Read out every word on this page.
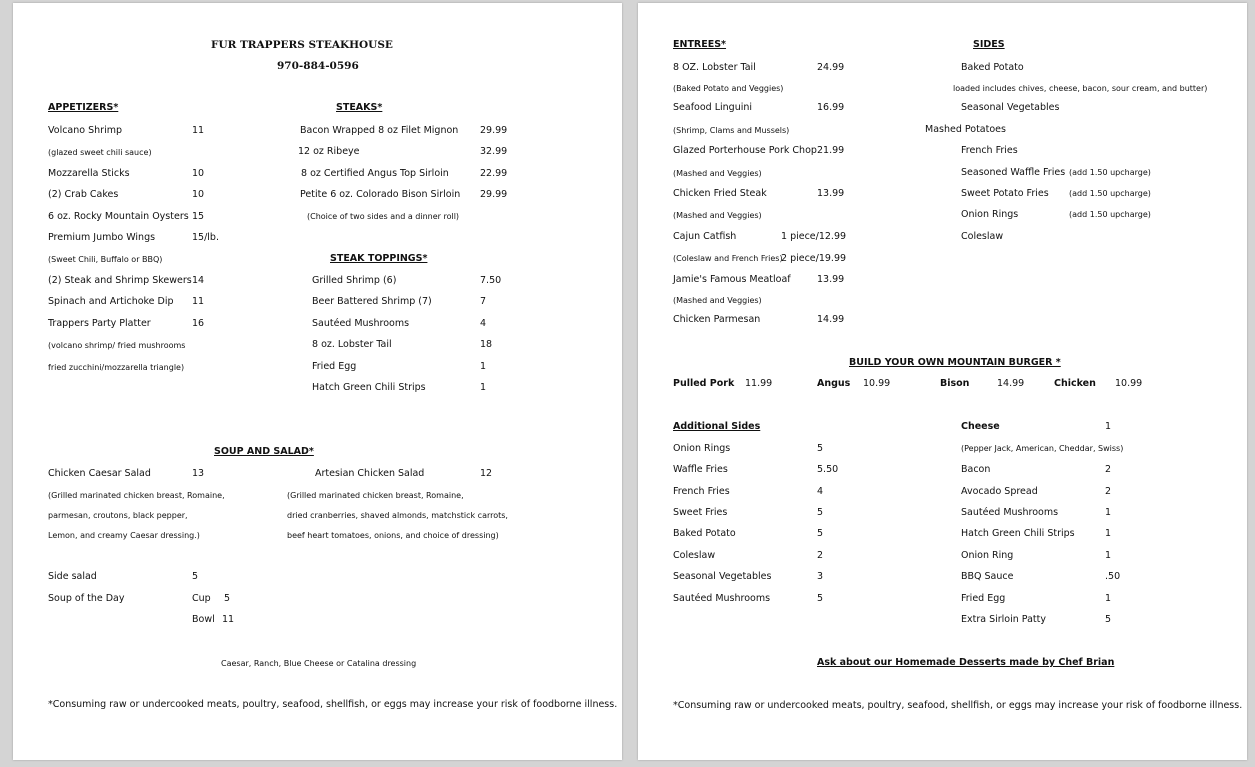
FUR TRAPPERS STEAKHOUSE
970-884-0596
APPETIZERS*
Volcano Shrimp	11
(glazed sweet chili sauce)
Mozzarella Sticks	10
(2) Crab Cakes	10
6 oz. Rocky Mountain Oysters 15
Premium Jumbo Wings	15/lb.
(Sweet Chili, Buffalo or BBQ)
(2) Steak and Shrimp Skewers 14
Spinach and Artichoke Dip 11
Trappers Party Platter	16
(volcano shrimp/ fried mushrooms
fried zucchini/mozzarella triangle)
STEAKS*
Bacon Wrapped 8 oz Filet Mignon 29.99
12 oz Ribeye	32.99
8 oz Certified Angus Top Sirloin	22.99
Petite 6 oz. Colorado Bison Sirloin 29.99
(Choice of two sides and a dinner roll)
STEAK TOPPINGS*
Grilled Shrimp (6)	7.50
Beer Battered Shrimp (7)	7
Sautéed Mushrooms	4
8 oz. Lobster Tail	18
Fried Egg	1
Hatch Green Chili Strips	1
SOUP AND SALAD*
Chicken Caesar Salad	13
(Grilled marinated chicken breast, Romaine,
parmesan, croutons, black pepper,
Lemon, and creamy Caesar dressing.)
Artesian Chicken Salad	12
(Grilled marinated chicken breast, Romaine,
dried cranberries, shaved almonds, matchstick carrots,
beef heart tomatoes, onions, and choice of dressing)
Side salad	5
Soup of the Day	Cup 5
Bowl 11
Caesar, Ranch, Blue Cheese or Catalina dressing
*Consuming raw or undercooked meats, poultry, seafood, shellfish, or eggs may increase your risk of foodborne illness.
ENTREES*
8 OZ. Lobster Tail	24.99
(Baked Potato and Veggies)
Seafood Linguini	16.99
(Shrimp, Clams and Mussels)
Glazed Porterhouse Pork Chop 21.99
(Mashed and Veggies)
Chicken Fried Steak	13.99
(Mashed and Veggies)
Cajun Catfish	1 piece/12.99
(Coleslaw and French Fries)
2 piece/19.99
Jamie's Famous Meatloaf	13.99
(Mashed and Veggies)
Chicken Parmesan	14.99
SIDES
Baked Potato
loaded includes chives, cheese, bacon, sour cream, and butter)
Seasonal Vegetables
Mashed Potatoes
French Fries
Seasoned Waffle Fries (add 1.50 upcharge)
Sweet Potato Fries	(add 1.50 upcharge)
Onion Rings	(add 1.50 upcharge)
Coleslaw
BUILD YOUR OWN MOUNTAIN BURGER *
Pulled Pork 11.99	Angus 10.99	Bison	14.99	Chicken 10.99
Additional Sides
Onion Rings	5
Waffle Fries	5.50
French Fries	4
Sweet Fries	5
Baked Potato	5
Coleslaw	2
Seasonal Vegetables	3
Sautéed Mushrooms	5
Cheese	1
(Pepper Jack, American, Cheddar, Swiss)
Bacon	2
Avocado Spread	2
Sautéed Mushrooms	1
Hatch Green Chili Strips	1
Onion Ring	1
BBQ Sauce	.50
Fried Egg	1
Extra Sirloin Patty	5
Ask about our Homemade Desserts made by Chef Brian
*Consuming raw or undercooked meats, poultry, seafood, shellfish, or eggs may increase your risk of foodborne illness.
